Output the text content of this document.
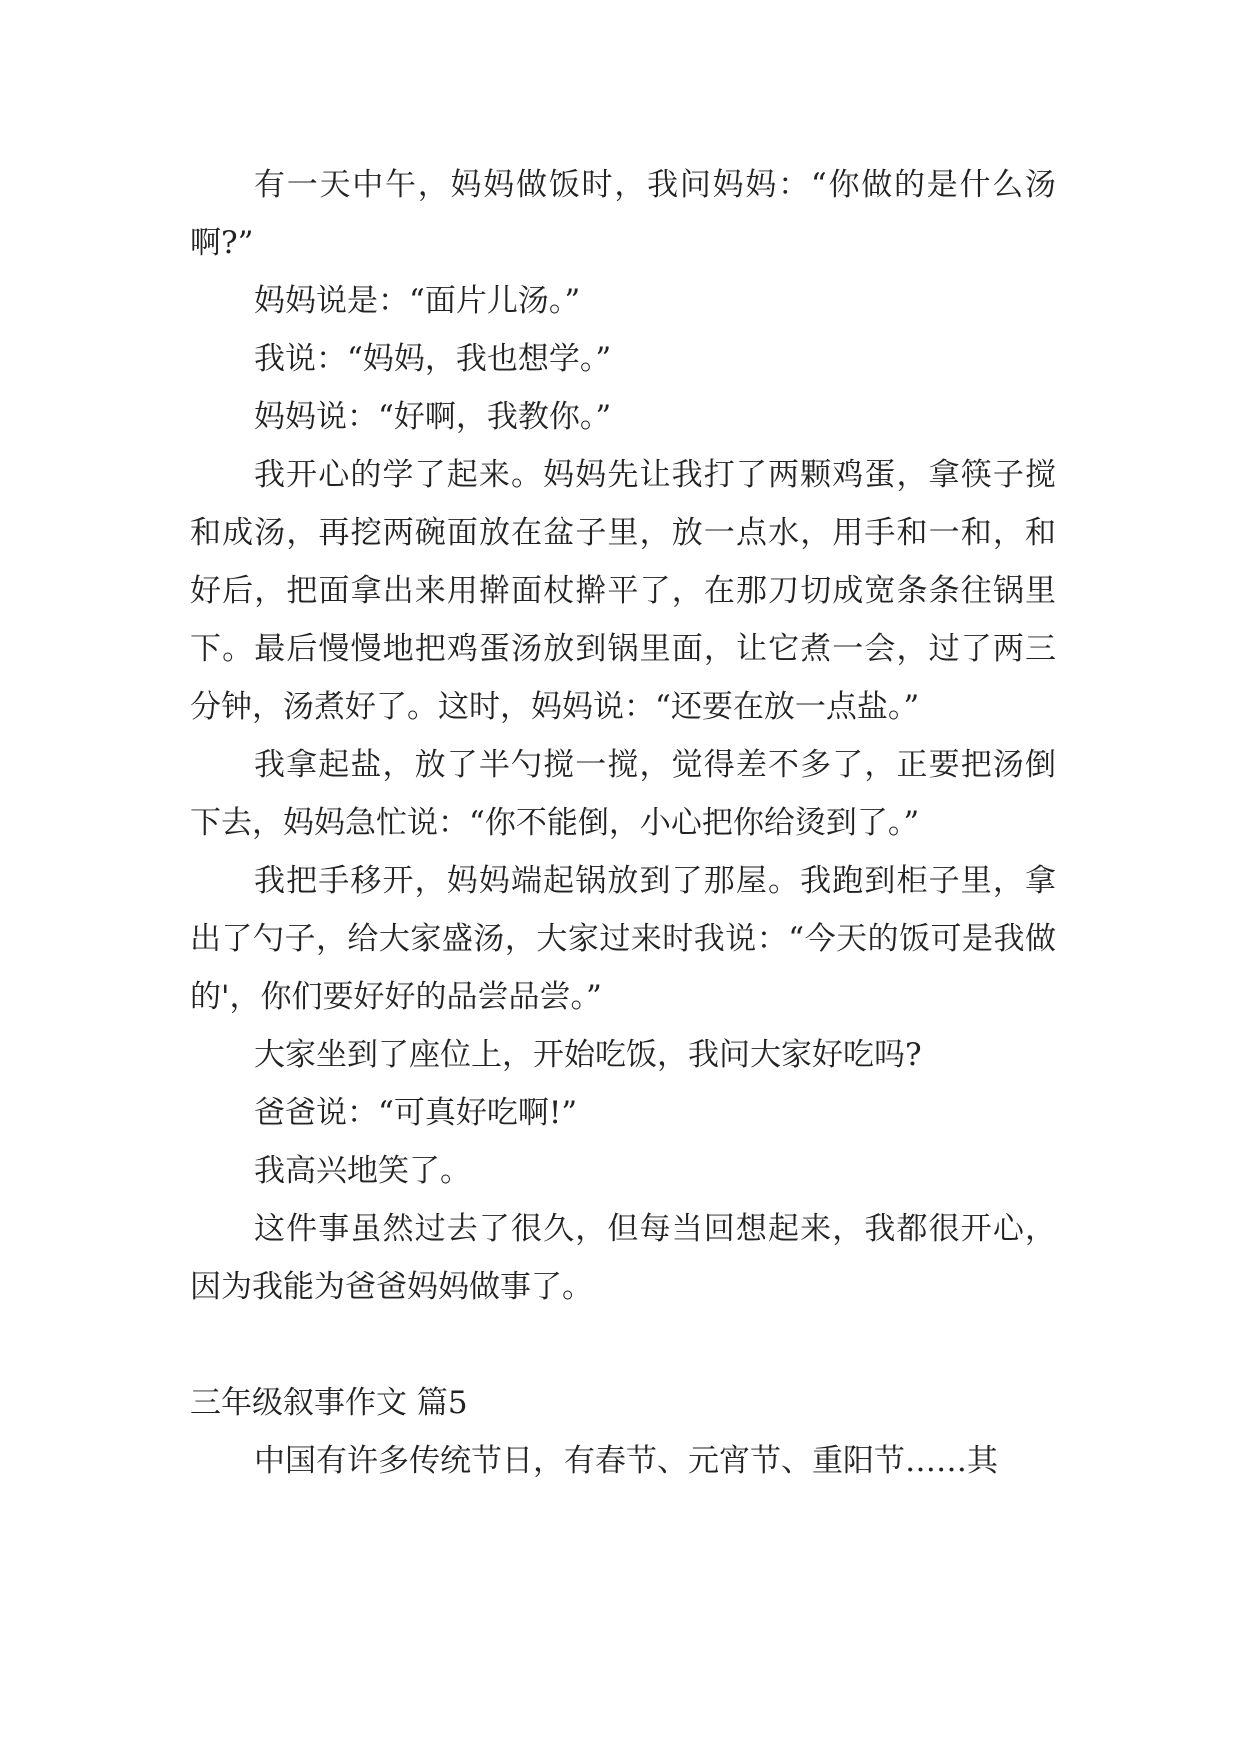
有一天中午，妈妈做饭时，我问妈妈：“你做的是什么汤啊?”

妈妈说是：“面片儿汤。”

我说：“妈妈，我也想学。”

妈妈说：“好啊，我教你。”

我开心的学了起来。妈妈先让我打了两颗鸡蛋，拿筷子搅和成汤，再挖两碗面放在盆子里，放一点水，用手和一和，和好后，把面拿出来用擀面杖擀平了，在那刀切成宽条条往锅里下。最后慢慢地把鸡蛋汤放到锅里面，让它煮一会，过了两三分钟，汤煮好了。这时，妈妈说：“还要在放一点盐。”

我拿起盐，放了半勺搅一搅，觉得差不多了，正要把汤倒下去，妈妈急忙说：“你不能倒，小心把你给烫到了。”

我把手移开，妈妈端起锅放到了那屋。我跑到柜子里，拿出了勺子，给大家盛汤，大家过来时我说：“今天的饭可是我做的'，你们要好好的品尝品尝。”

大家坐到了座位上，开始吃饭，我问大家好吃吗?

爸爸说：“可真好吃啊!”

我高兴地笑了。

这件事虽然过去了很久，但每当回想起来，我都很开心，因为我能为爸爸妈妈做事了。

三年级叙事作文 篇5

中国有许多传统节日，有春节、元宵节、重阳节……其
